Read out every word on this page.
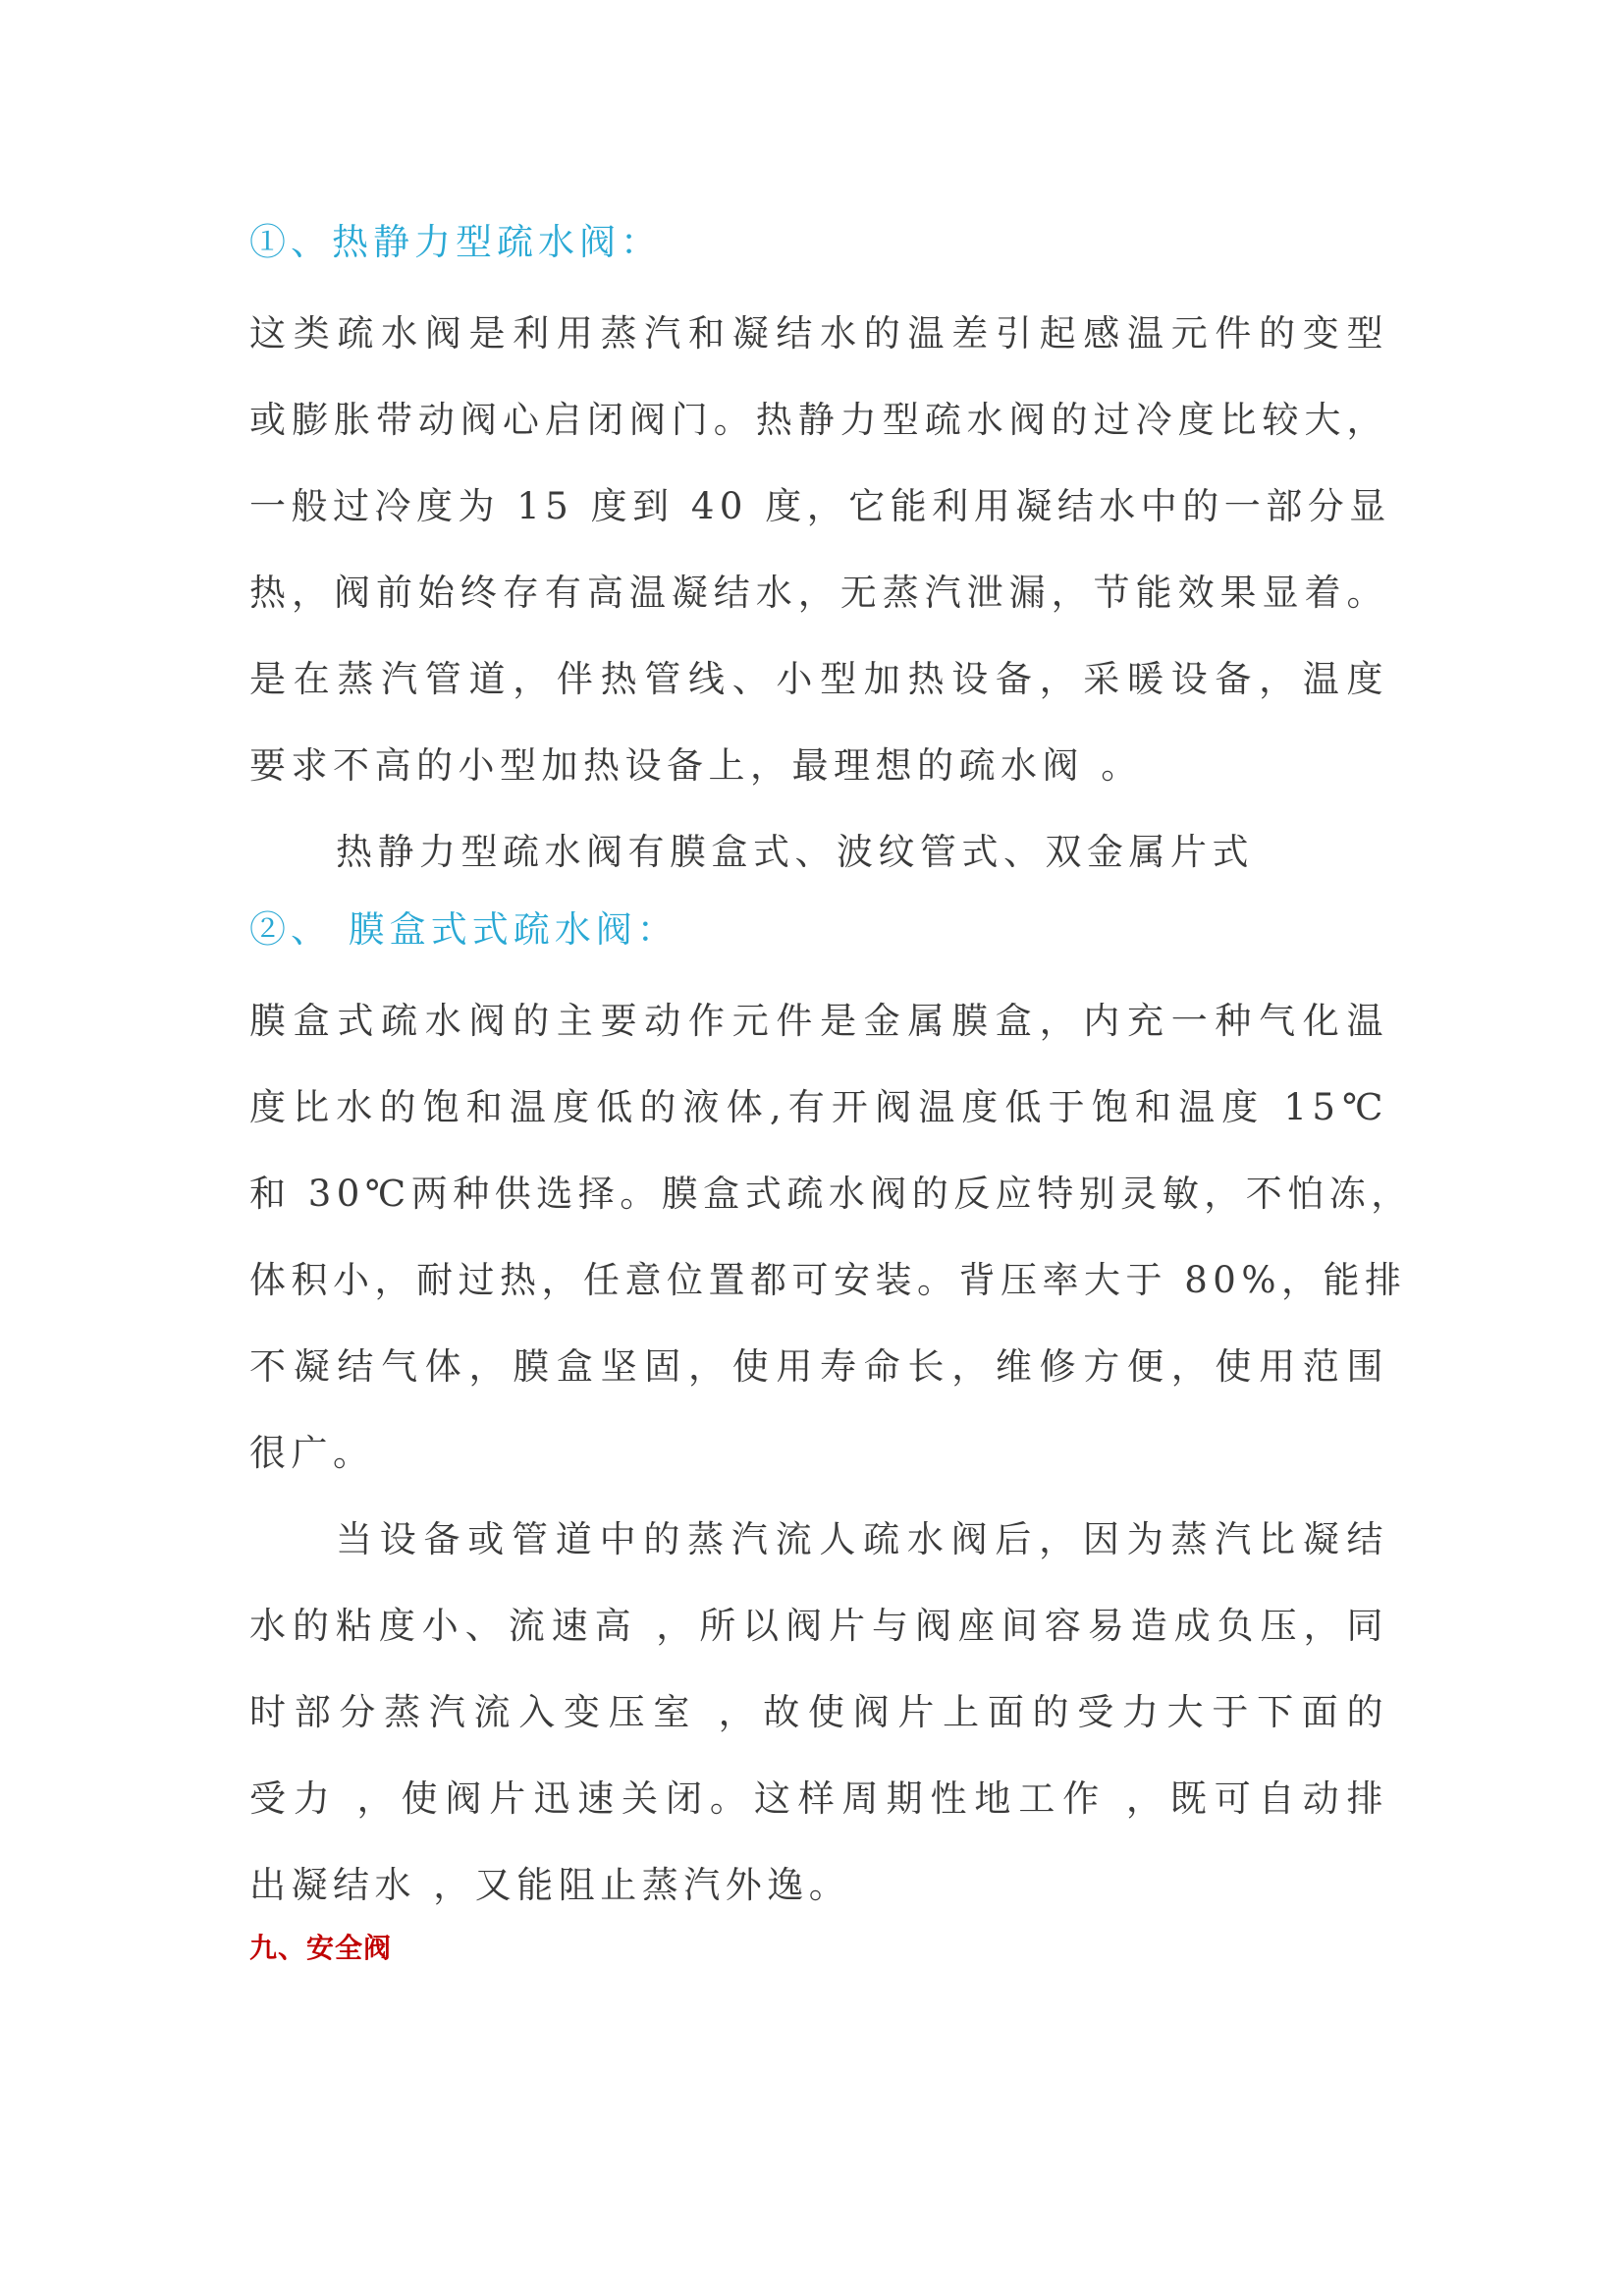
①、热静力型疏水阀：
这类疏水阀是利用蒸汽和凝结水的温差引起感温元件的变型
或膨胀带动阀心启闭阀门。热静力型疏水阀的过冷度比较大，
一般过冷度为 15 度到 40 度，它能利用凝结水中的一部分显
热，阀前始终存有高温凝结水，无蒸汽泄漏，节能效果显着。
是在蒸汽管道，伴热管线、小型加热设备，采暖设备，温度
要求不高的小型加热设备上，最理想的疏水阀 。
热静力型疏水阀有膜盒式、波纹管式、双金属片式
②、 膜盒式式疏水阀：
膜盒式疏水阀的主要动作元件是金属膜盒，内充一种气化温
度比水的饱和温度低的液体,有开阀温度低于饱和温度 15℃
和 30℃两种供选择。膜盒式疏水阀的反应特别灵敏，不怕冻，
体积小，耐过热，任意位置都可安装。背压率大于 80%，能排
不凝结气体，膜盒坚固，使用寿命长，维修方便，使用范围
很广。
当设备或管道中的蒸汽流人疏水阀后，因为蒸汽比凝结
水的粘度小、流速高 ，所以阀片与阀座间容易造成负压，同
时部分蒸汽流入变压室 ，故使阀片上面的受力大于下面的
受力 ，使阀片迅速关闭。这样周期性地工作 ，既可自动排
出凝结水 ，又能阻止蒸汽外逸。
九、安全阀
